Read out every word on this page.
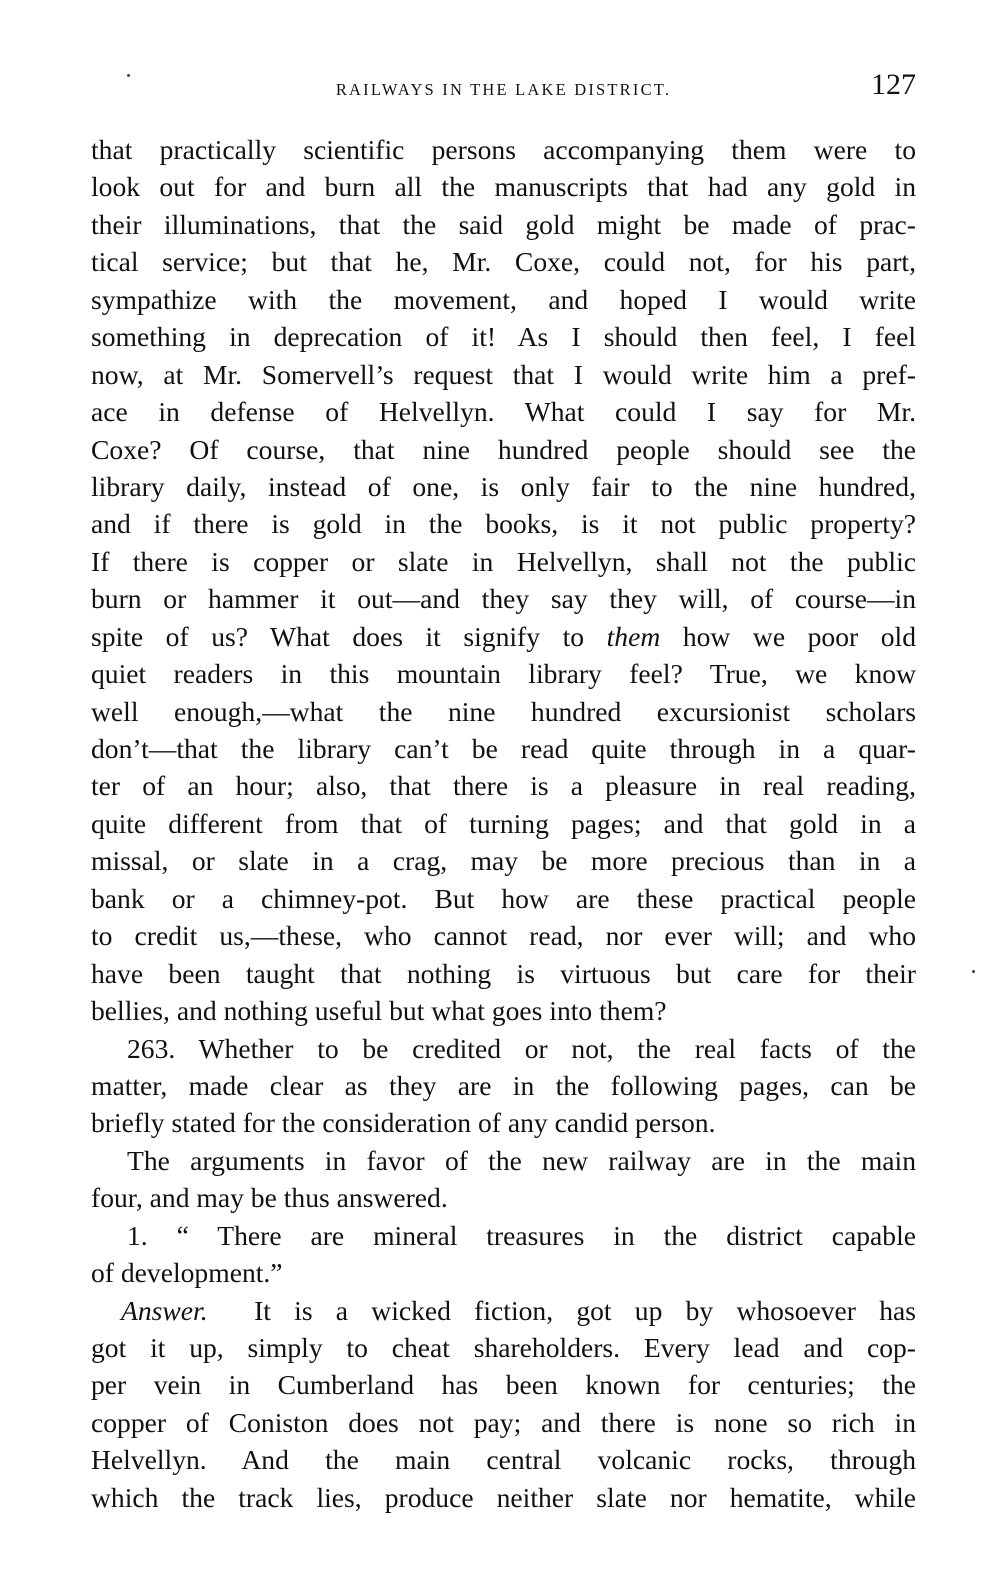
RAILWAYS IN THE LAKE DISTRICT.	127
that practically scientific persons accompanying them were to
look out for and burn all the manuscripts that had any gold in
their illuminations, that the said gold might be made of prac-
tical service; but that he, Mr. Coxe, could not, for his part,
sympathize with the movement, and hoped I would write
something in deprecation of it! As I should then feel, I feel
now, at Mr. Somervell’s request that I would write him a pref-
ace in defense of Helvellyn. What could I say for Mr.
Coxe? Of course, that nine hundred people should see the
library daily, instead of one, is only fair to the nine hundred,
and if there is gold in the books, is it not public property?
If there is copper or slate in Helvellyn, shall not the public
burn or hammer it out—and they say they will, of course—in
spite of us? What does it signify to them how we poor old
quiet readers in this mountain library feel? True, we know
well enough,—what the nine hundred excursionist scholars
don’t—that the library can’t be read quite through in a quar-
ter of an hour; also, that there is a pleasure in real reading,
quite different from that of turning pages; and that gold in a
missal, or slate in a crag, may be more precious than in a
bank or a chimney-pot. But how are these practical people
to credit us,—these, who cannot read, nor ever will; and who
have been taught that nothing is virtuous but care for their
bellies, and nothing useful but what goes into them?
263. Whether to be credited or not, the real facts of the
matter, made clear as they are in the following pages, can be
briefly stated for the consideration of any candid person.
The arguments in favor of the new railway are in the main
four, and may be thus answered.
1. “ There are mineral treasures in the district capable
of development.”
Answer. It is a wicked fiction, got up by whosoever has
got it up, simply to cheat shareholders. Every lead and cop-
per vein in Cumberland has been known for centuries; the
copper of Coniston does not pay; and there is none so rich in
Helvellyn. And the main central volcanic rocks, through
which the track lies, produce neither slate nor hematite, while
